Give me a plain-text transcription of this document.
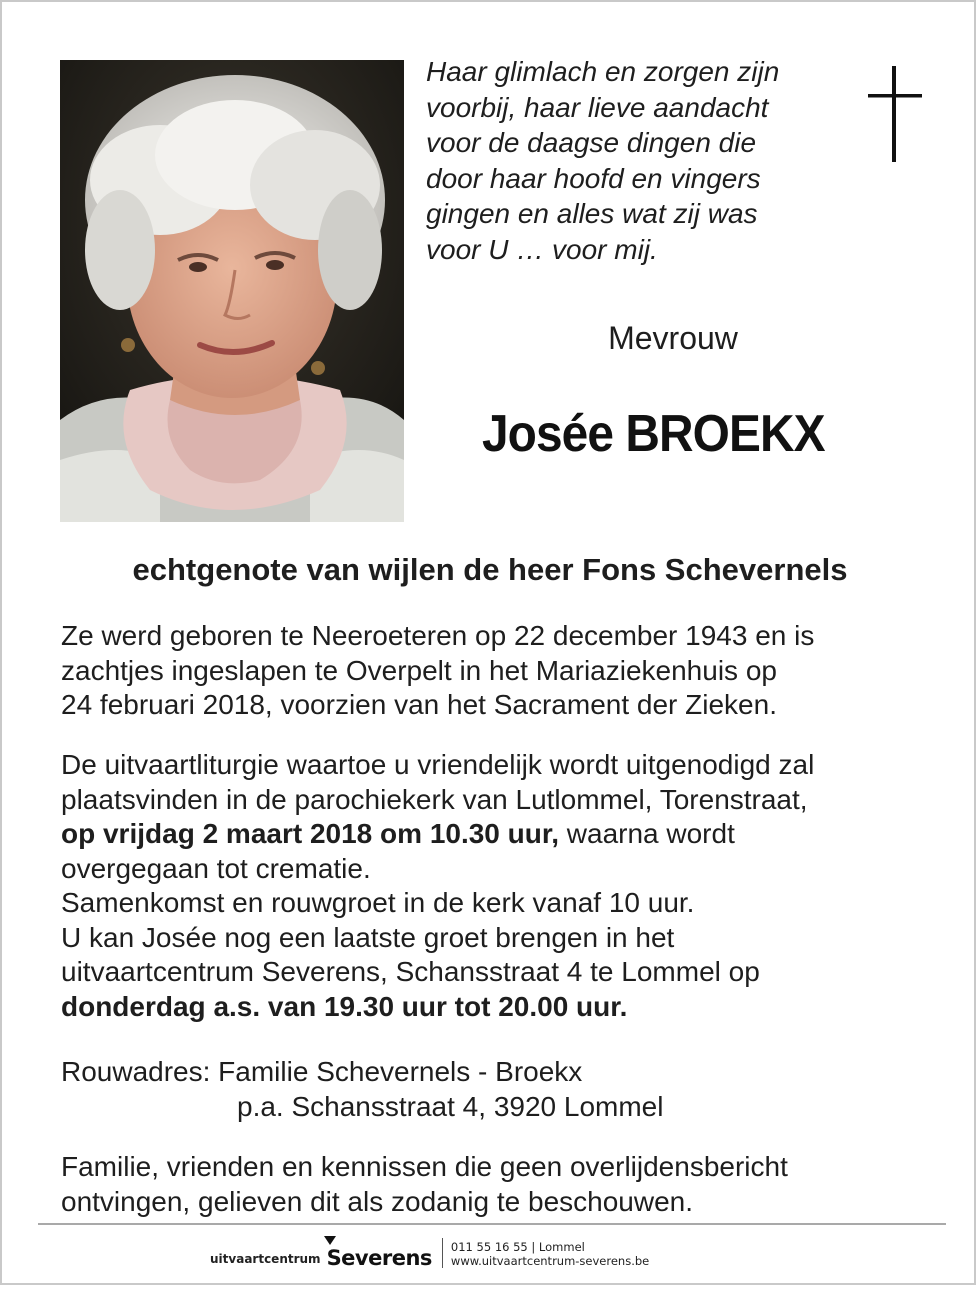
Haar glimlach en zorgen zijn
voorbij, haar lieve aandacht
voor de daagse dingen die
door haar hoofd en vingers
gingen en alles wat zij was
voor U … voor mij.
Mevrouw
Josée BROEKX
echtgenote van wijlen de heer Fons Schevernels
Ze werd geboren te Neeroeteren op 22 december 1943 en is
zachtjes ingeslapen te Overpelt in het Mariaziekenhuis op
24 februari 2018, voorzien van het Sacrament der Zieken.
De uitvaartliturgie waartoe u vriendelijk wordt uitgenodigd zal
plaatsvinden in de parochiekerk van Lutlommel, Torenstraat,
op vrijdag 2 maart 2018 om 10.30 uur, waarna wordt
overgegaan tot crematie.
Samenkomst en rouwgroet in de kerk vanaf 10 uur.
U kan Josée nog een laatste groet brengen in het
uitvaartcentrum Severens, Schansstraat 4 te Lommel op
donderdag a.s. van 19.30 uur tot 20.00 uur.
Rouwadres: Familie Schevernels - Broekx
p.a. Schansstraat 4, 3920 Lommel
Familie, vrienden en kennissen die geen overlijdensbericht
ontvingen, gelieven dit als zodanig te beschouwen.
uitvaartcentrum Severens 011 55 16 55 | Lommel
www.uitvaartcentrum-severens.be
